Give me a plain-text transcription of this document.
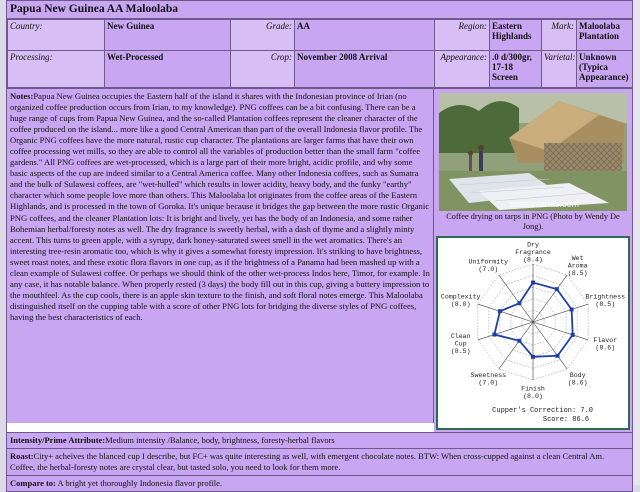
Papua New Guinea AA Maloolaba
Country:	New Guinea	Grade:	AA	Region:	Eastern Highlands	Mark:	Maloolaba Plantation
Processing:	Wet-Processed	Crop:	November 2008 Arrival	Appearance:	.0 d/300gr, 17-18 Screen	Varietal:	Unknown (Typica Appearance)
Notes:Papua New Guinea occupies the Eastern half of the island it shares with the Indonesian province of Irian (no organized coffee production occurs from Irian, to my knowledge). PNG coffees can be a bit confusing. There can be a huge range of cups from Papua New Guinea, and the so-called Plantation coffees represent the cleaner character of the coffee produced on the island... more like a good Central American than part of the overall Indonesia flavor profile. The Organic PNG coffees have the more natural, rustic cup character. The plantations are larger farms that have their own coffee processing wet mills, so they are able to control all the variables of production better than the small farm "coffee gardens." All PNG coffees are wet-processed, which is a large part of their more bright, acidic profile, and why some basic aspects of the cup are indeed similar to a Central America coffee. Many other Indonesia coffees, such as Sumatra and the bulk of Sulawesi coffees, are "wet-hulled" which results in lower acidity, heavy body, and the funky "earthy" character which some people love more than others. This Maloolaba lot originates from the coffee areas of the Eastern Highlands, and is processed in the town of Goroka. It's unique because it bridges the gap between the more rustic Organic PNG coffees, and the cleaner Plantation lots: It is bright and lively, yet has the body of an Indonesia, and some rather Bohemian herbal/foresty notes as well. The dry fragrance is sweetly herbal, with a dash of thyme and a slightly minty accent. This turns to green apple, with a syrupy, dark honey-saturated sweet smell in the wet aromatics. There's an interesting tree-resin aromatic too, which is why it gives a somewhat foresty impression. It's striking to have brightness, sweet roast notes, and these exotic flora flavors in one cup, as if the brightness of a Panama had been mashed up with a clean example of Sulawesi coffee. Or perhaps we should think of the other wet-process Indos here, Timor, for example. In any case, it has notable balance. When properly rested (3 days) the body fill out in this cup, giving a buttery impression to the mouthfeel. As the cup cools, there is an apple skin texture to the finish, and soft floral notes emerge. This Maloolaba distinguished itself on the cupping table with a score of other PNG lots for bridging the diverse styles of PNG coffees, having the best characteristics of each.
sweetmarias.com
Coffee drying on tarps in PNG (Photo by Wendy De Jong).
Dry
Fragrance
(8.4)	Wet
Aroma
(8.5)
Brightness
(8.5)
Flavor
(8.6)
Body
(8.6)
Finish
(8.0)
Sweetness
(7.0)
Clean
Cup
(8.5)
Complexity
(8.0)
Uniformity
(7.0)
Cupper's Correction: 7.0
Score: 86.6
Intensity/Prime Attribute:Medium intensity /Balance, body, brightness, foresty-herbal flavors
Roast:City+ acheives the blanced cup I describe, but FC+ was quite interesting as well, with emergent chocolate notes. BTW: When cross-cupped against a clean Central Am. Coffee, the herbal-foresty notes are crystal clear, but tasted solo, you need to look for them more.
Compare to: A bright yet thoroughly Indonesia flavor profile.
